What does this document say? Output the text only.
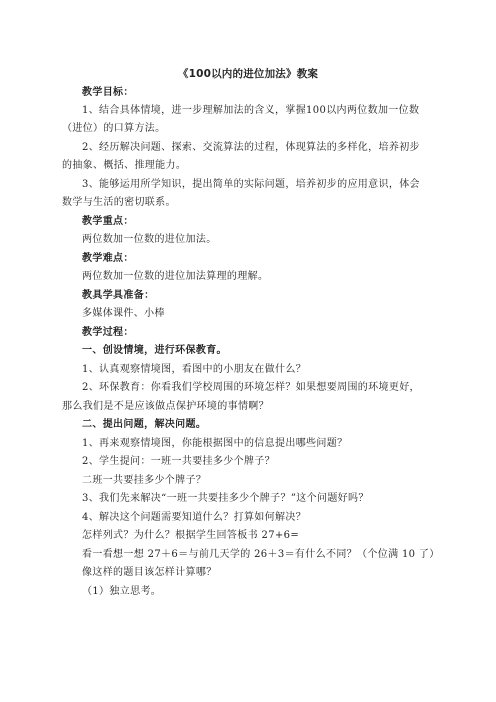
《100以内的进位加法》教案
教学目标：
1、结合具体情境，进一步理解加法的含义，掌握100以内两位数加一位数
（进位）的口算方法。
2、经历解决问题、探索、交流算法的过程，体现算法的多样化，培养初步
的抽象、概括、推理能力。
3、能够运用所学知识，提出简单的实际问题，培养初步的应用意识，体会
数学与生活的密切联系。
教学重点：
两位数加一位数的进位加法。
教学难点：
两位数加一位数的进位加法算理的理解。
教具学具准备：
多媒体课件、小棒
教学过程：
一、创设情境，进行环保教育。
1、认真观察情境图，看图中的小朋友在做什么？
2、环保教育：你看我们学校周围的环境怎样？如果想要周围的环境更好，
那么我们是不是应该做点保护环境的事情啊？
二、提出问题，解决问题。
1、再来观察情境图，你能根据图中的信息提出哪些问题？
2、学生提问：一班一共要挂多少个牌子？
二班一共要挂多少个牌子？
3、我们先来解决“一班一共要挂多少个牌子？”这个问题好吗？
4、解决这个问题需要知道什么？打算如何解决？
怎样列式？为什么？根据学生回答板书 27+6=
看一看想一想 27＋6＝与前几天学的 26＋3＝有什么不同？（个位满 10 了）
像这样的题目该怎样计算哪？
（1）独立思考。
